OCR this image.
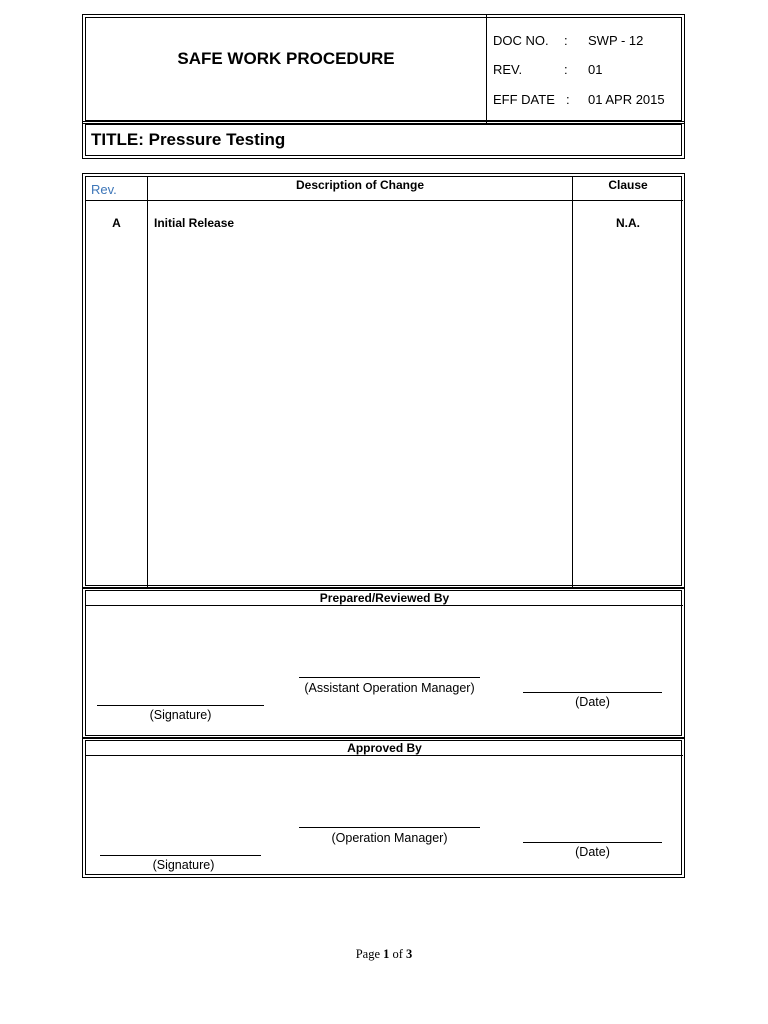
SAFE WORK PROCEDURE
DOC NO. : SWP - 12
REV.	: 01
EFF DATE : 01 APR 2015
TITLE: Pressure Testing
Rev.	Description of Change	Clause
A	Initial Release	N.A.
Prepared/Reviewed By
(Assistant Operation Manager)
(Date)
(Signature)
Approved By
(Operation Manager)
(Date)
(Signature)
Page 1 of 3
